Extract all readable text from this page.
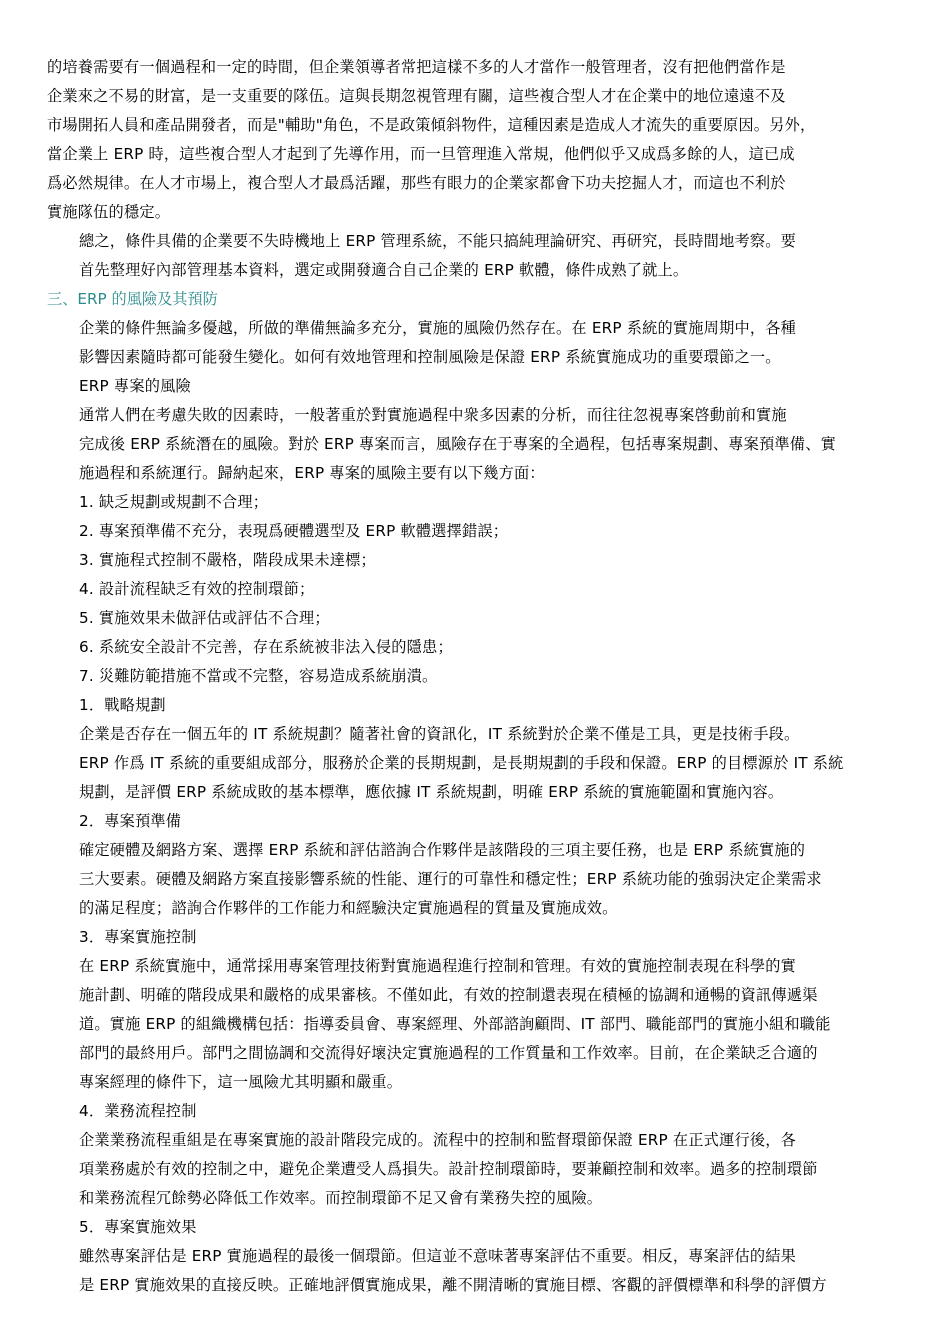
的培養需要有一個過程和一定的時間，但企業領導者常把這樣不多的人才當作一般管理者，沒有把他們當作是
企業來之不易的財富，是一支重要的隊伍。這與長期忽視管理有關，這些複合型人才在企業中的地位遠遠不及
市場開拓人員和產品開發者，而是"輔助"角色，不是政策傾斜物件，這種因素是造成人才流失的重要原因。另外，
當企業上 ERP 時，這些複合型人才起到了先導作用，而一旦管理進入常規，他們似乎又成爲多餘的人，這已成
爲必然規律。在人才市場上，複合型人才最爲活躍，那些有眼力的企業家都會下功夫挖掘人才，而這也不利於
實施隊伍的穩定。

總之，條件具備的企業要不失時機地上 ERP 管理系統，不能只搞純理論研究、再研究，長時間地考察。要
首先整理好內部管理基本資料，選定或開發適合自己企業的 ERP 軟體，條件成熟了就上。

三、ERP 的風險及其預防

企業的條件無論多優越，所做的準備無論多充分，實施的風險仍然存在。在 ERP 系統的實施周期中，各種
影響因素隨時都可能發生變化。如何有效地管理和控制風險是保證 ERP 系統實施成功的重要環節之一。

ERP 專案的風險

通常人們在考慮失敗的因素時，一般著重於對實施過程中衆多因素的分析，而往往忽視專案啓動前和實施
完成後 ERP 系統潛在的風險。對於 ERP 專案而言，風險存在于專案的全過程，包括專案規劃、專案預準備、實
施過程和系統運行。歸納起來，ERP 專案的風險主要有以下幾方面：

1. 缺乏規劃或規劃不合理；

2. 專案預準備不充分，表現爲硬體選型及 ERP 軟體選擇錯誤；

3. 實施程式控制不嚴格，階段成果未達標；

4. 設計流程缺乏有效的控制環節；

5. 實施效果未做評估或評估不合理；

6. 系統安全設計不完善，存在系統被非法入侵的隱患；

7. 災難防範措施不當或不完整，容易造成系統崩潰。

1．戰略規劃

企業是否存在一個五年的 IT 系統規劃？隨著社會的資訊化，IT 系統對於企業不僅是工具，更是技術手段。
ERP 作爲 IT 系統的重要組成部分，服務於企業的長期規劃，是長期規劃的手段和保證。ERP 的目標源於 IT 系統
規劃，是評價 ERP 系統成敗的基本標準，應依據 IT 系統規劃，明確 ERP 系統的實施範圍和實施內容。

2．專案預準備

確定硬體及網路方案、選擇 ERP 系統和評估諮詢合作夥伴是該階段的三項主要任務，也是 ERP 系統實施的
三大要素。硬體及網路方案直接影響系統的性能、運行的可靠性和穩定性；ERP 系統功能的強弱決定企業需求
的滿足程度；諮詢合作夥伴的工作能力和經驗決定實施過程的質量及實施成效。

3．專案實施控制

在 ERP 系統實施中，通常採用專案管理技術對實施過程進行控制和管理。有效的實施控制表現在科學的實
施計劃、明確的階段成果和嚴格的成果審核。不僅如此，有效的控制還表現在積極的協調和通暢的資訊傳遞渠
道。實施 ERP 的組織機構包括：指導委員會、專案經理、外部諮詢顧問、IT 部門、職能部門的實施小組和職能
部門的最終用戶。部門之間協調和交流得好壞決定實施過程的工作質量和工作效率。目前，在企業缺乏合適的
專案經理的條件下，這一風險尤其明顯和嚴重。

4．業務流程控制

企業業務流程重組是在專案實施的設計階段完成的。流程中的控制和監督環節保證 ERP 在正式運行後，各
項業務處於有效的控制之中，避免企業遭受人爲損失。設計控制環節時，要兼顧控制和效率。過多的控制環節
和業務流程冗餘勢必降低工作效率。而控制環節不足又會有業務失控的風險。

5．專案實施效果

雖然專案評估是 ERP 實施過程的最後一個環節。但這並不意味著專案評估不重要。相反，專案評估的結果
是 ERP 實施效果的直接反映。正確地評價實施成果，離不開清晰的實施目標、客觀的評價標準和科學的評價方
